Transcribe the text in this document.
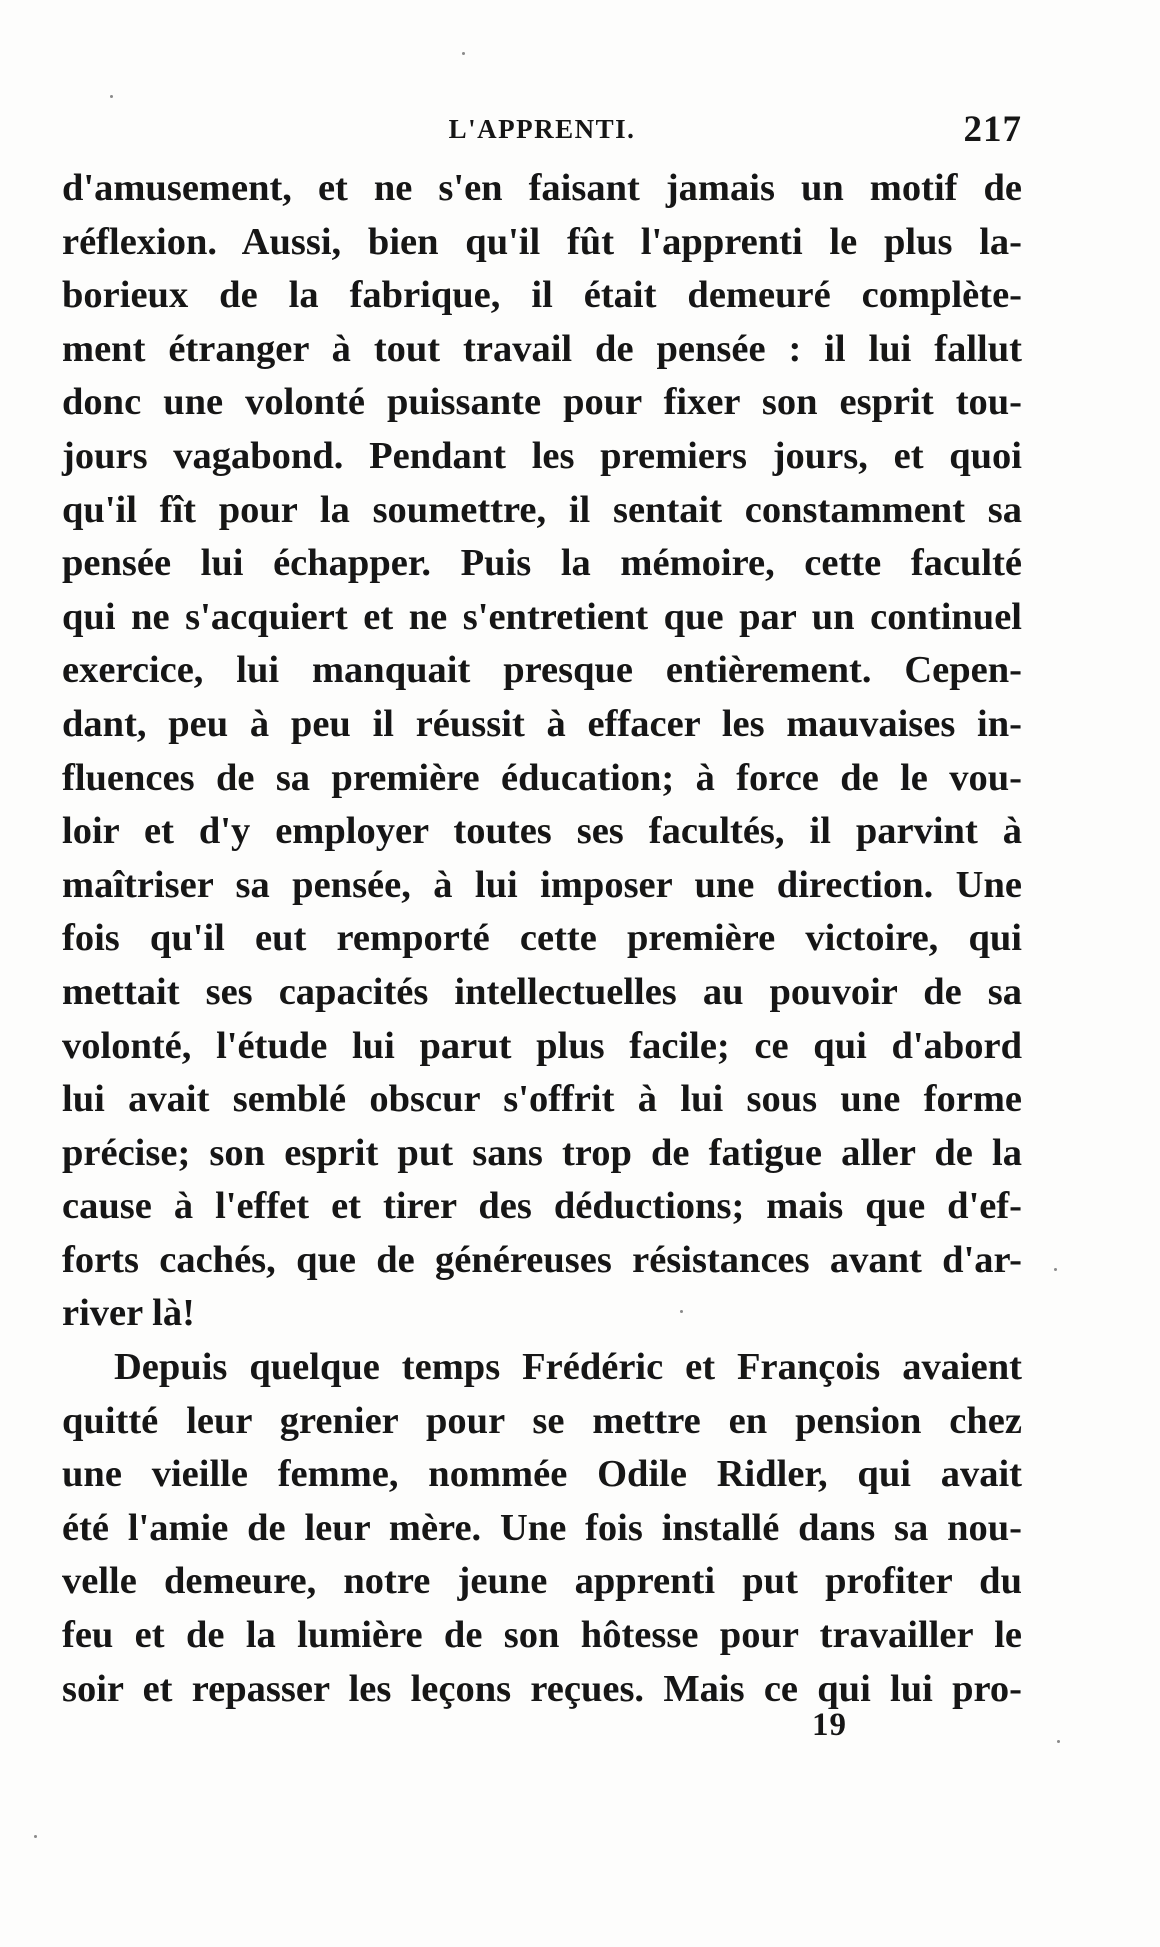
L'APPRENTI.	217
d'amusement, et ne s'en faisant jamais un motif de
réflexion. Aussi, bien qu'il fût l'apprenti le plus la-
borieux de la fabrique, il était demeuré complète-
ment étranger à tout travail de pensée : il lui fallut
donc une volonté puissante pour fixer son esprit tou-
jours vagabond. Pendant les premiers jours, et quoi
qu'il fît pour la soumettre, il sentait constamment sa
pensée lui échapper. Puis la mémoire, cette faculté
qui ne s'acquiert et ne s'entretient que par un continuel
exercice, lui manquait presque entièrement. Cepen-
dant, peu à peu il réussit à effacer les mauvaises in-
fluences de sa première éducation; à force de le vou-
loir et d'y employer toutes ses facultés, il parvint à
maîtriser sa pensée, à lui imposer une direction. Une
fois qu'il eut remporté cette première victoire, qui
mettait ses capacités intellectuelles au pouvoir de sa
volonté, l'étude lui parut plus facile; ce qui d'abord
lui avait semblé obscur s'offrit à lui sous une forme
précise; son esprit put sans trop de fatigue aller de la
cause à l'effet et tirer des déductions; mais que d'ef-
forts cachés, que de généreuses résistances avant d'ar-
river là!
Depuis quelque temps Frédéric et François avaient
quitté leur grenier pour se mettre en pension chez
une vieille femme, nommée Odile Ridler, qui avait
été l'amie de leur mère. Une fois installé dans sa nou-
velle demeure, notre jeune apprenti put profiter du
feu et de la lumière de son hôtesse pour travailler le
soir et repasser les leçons reçues. Mais ce qui lui pro-
19
